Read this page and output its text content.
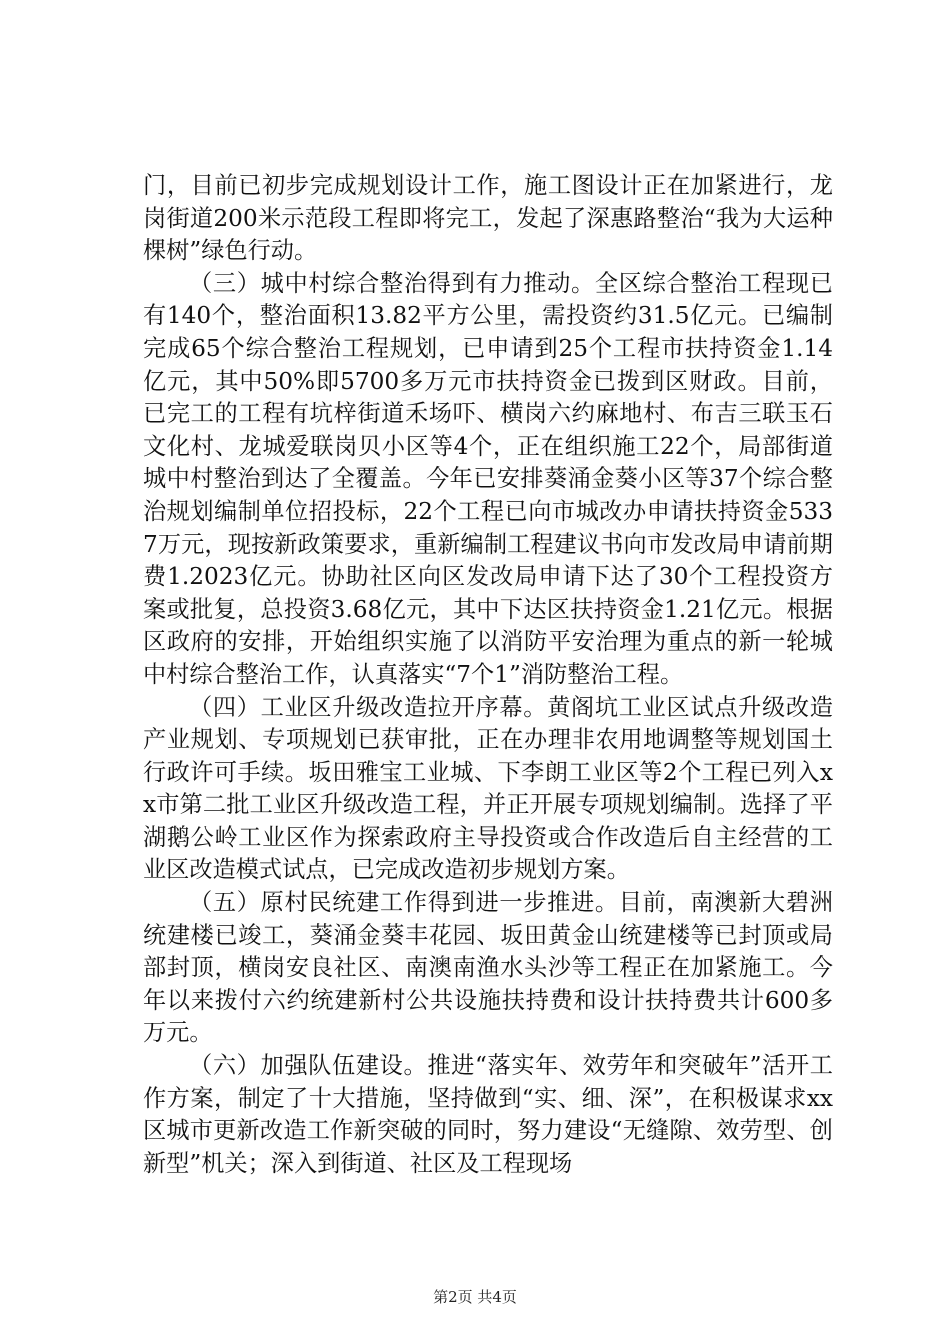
门，目前已初步完成规划设计工作，施工图设计正在加紧进行，龙岗街道200米示范段工程即将完工，发起了深惠路整治“我为大运种棵树”绿色行动。

（三）城中村综合整治得到有力推动。全区综合整治工程现已有140个，整治面积13.82平方公里，需投资约31.5亿元。已编制完成65个综合整治工程规划，已申请到25个工程市扶持资金1.14亿元，其中50%即5700多万元市扶持资金已拨到区财政。目前，已完工的工程有坑梓街道禾场吓、横岗六约麻地村、布吉三联玉石文化村、龙城爱联岗贝小区等4个，正在组织施工22个，局部街道城中村整治到达了全覆盖。今年已安排葵涌金葵小区等37个综合整治规划编制单位招投标，22个工程已向市城改办申请扶持资金5337万元，现按新政策要求，重新编制工程建议书向市发改局申请前期费1.2023亿元。协助社区向区发改局申请下达了30个工程投资方案或批复，总投资3.68亿元，其中下达区扶持资金1.21亿元。根据区政府的安排，开始组织实施了以消防平安治理为重点的新一轮城中村综合整治工作，认真落实“7个1”消防整治工程。

（四）工业区升级改造拉开序幕。黄阁坑工业区试点升级改造产业规划、专项规划已获审批，正在办理非农用地调整等规划国土行政许可手续。坂田雅宝工业城、下李朗工业区等2个工程已列入xx市第二批工业区升级改造工程，并正开展专项规划编制。选择了平湖鹅公岭工业区作为探索政府主导投资或合作改造后自主经营的工业区改造模式试点，已完成改造初步规划方案。

（五）原村民统建工作得到进一步推进。目前，南澳新大碧洲统建楼已竣工，葵涌金葵丰花园、坂田黄金山统建楼等已封顶或局部封顶，横岗安良社区、南澳南渔水头沙等工程正在加紧施工。今年以来拨付六约统建新村公共设施扶持费和设计扶持费共计600多万元。

（六）加强队伍建设。推进“落实年、效劳年和突破年”活开工作方案，制定了十大措施，坚持做到“实、细、深”，在积极谋求xx区城市更新改造工作新突破的同时，努力建设“无缝隙、效劳型、创新型”机关；深入到街道、社区及工程现场

第2页 共4页
